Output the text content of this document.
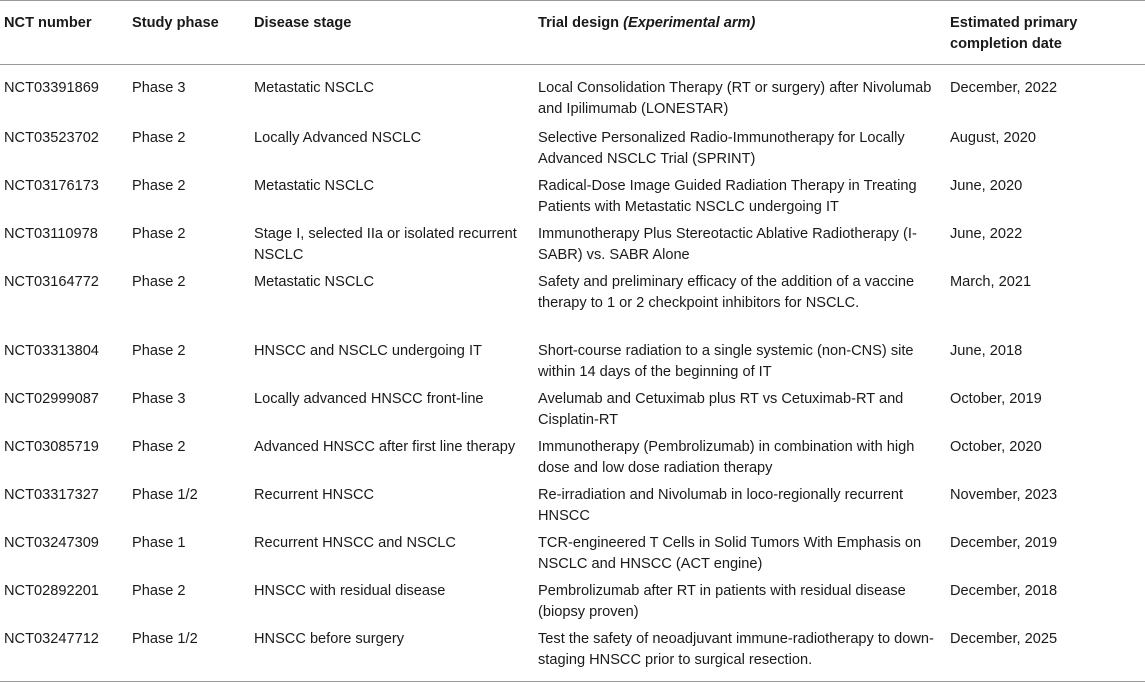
NCT number	Study phase	Disease stage	Trial design (Experimental arm)	Estimated primary completion date
NCT03391869	Phase 3	Metastatic NSCLC	Local Consolidation Therapy (RT or surgery) after Nivolumab and Ipilimumab (LONESTAR)	December, 2022
NCT03523702	Phase 2	Locally Advanced NSCLC	Selective Personalized Radio-Immunotherapy for Locally Advanced NSCLC Trial (SPRINT)	August, 2020
NCT03176173	Phase 2	Metastatic NSCLC	Radical-Dose Image Guided Radiation Therapy in Treating Patients with Metastatic NSCLC undergoing IT	June, 2020
NCT03110978	Phase 2	Stage I, selected IIa or isolated recurrent NSCLC	Immunotherapy Plus Stereotactic Ablative Radiotherapy (I-SABR) vs. SABR Alone	June, 2022
NCT03164772	Phase 2	Metastatic NSCLC	Safety and preliminary efficacy of the addition of a vaccine therapy to 1 or 2 checkpoint inhibitors for NSCLC.	March, 2021
NCT03313804	Phase 2	HNSCC and NSCLC undergoing IT	Short-course radiation to a single systemic (non-CNS) site within 14 days of the beginning of IT	June, 2018
NCT02999087	Phase 3	Locally advanced HNSCC front-line	Avelumab and Cetuximab plus RT vs Cetuximab-RT and Cisplatin-RT	October, 2019
NCT03085719	Phase 2	Advanced HNSCC after first line therapy	Immunotherapy (Pembrolizumab) in combination with high dose and low dose radiation therapy	October, 2020
NCT03317327	Phase 1/2	Recurrent HNSCC	Re-irradiation and Nivolumab in loco-regionally recurrent HNSCC	November, 2023
NCT03247309	Phase 1	Recurrent HNSCC and NSCLC	TCR-engineered T Cells in Solid Tumors With Emphasis on NSCLC and HNSCC (ACT engine)	December, 2019
NCT02892201	Phase 2	HNSCC with residual disease	Pembrolizumab after RT in patients with residual disease (biopsy proven)	December, 2018
NCT03247712	Phase 1/2	HNSCC before surgery	Test the safety of neoadjuvant immune-radiotherapy to down-staging HNSCC prior to surgical resection.	December, 2025
